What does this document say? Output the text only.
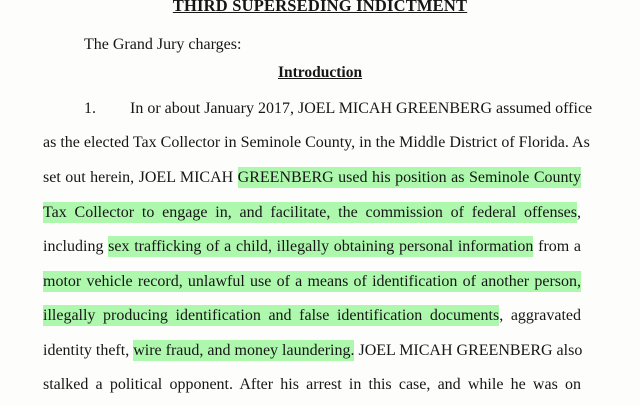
THIRD SUPERSEDING INDICTMENT
The Grand Jury charges:
Introduction
1. In or about January 2017, JOEL MICAH GREENBERG assumed office
as the elected Tax Collector in Seminole County, in the Middle District of Florida. As
set out herein, JOEL MICAH GREENBERG used his position as Seminole County
Tax Collector to engage in, and facilitate, the commission of federal offenses,
including sex trafficking of a child, illegally obtaining personal information from a
motor vehicle record, unlawful use of a means of identification of another person,
illegally producing identification and false identification documents, aggravated
identity theft, wire fraud, and money laundering. JOEL MICAH GREENBERG also
stalked a political opponent. After his arrest in this case, and while he was on
